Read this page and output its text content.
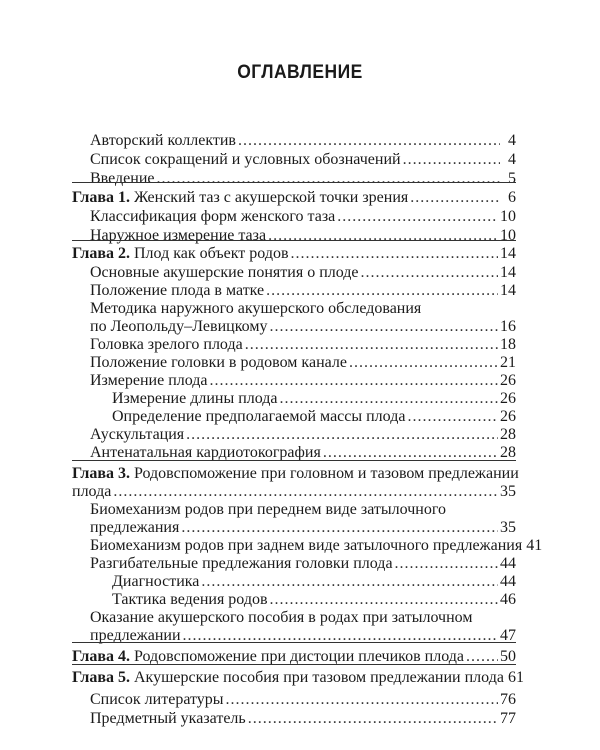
ОГЛАВЛЕНИЕ
Авторский коллектив .....	4
Список сокращений и условных обозначений .....	4
Введение .....	5
Глава 1. Женский таз с акушерской точки зрения .....	6
Классификация форм женского таза .....	10
Наружное измерение таза .....	10
Глава 2. Плод как объект родов .....	14
Основные акушерские понятия о плоде .....	14
Положение плода в матке .....	14
Методика наружного акушерского обследования
по Леопольду–Левицкому .....	16
Головка зрелого плода .....	18
Положение головки в родовом канале .....	21
Измерение плода .....	26
Измерение длины плода .....	26
Определение предполагаемой массы плода .....	26
Аускультация .....	28
Антенатальная кардиотокография .....	28
Глава 3. Родовспоможение при головном и тазовом предлежании
плода .....	35
Биомеханизм родов при переднем виде затылочного
предлежания .....	35
Биомеханизм родов при заднем виде затылочного предлежания 41
Разгибательные предлежания головки плода .....	44
Диагностика .....	44
Тактика ведения родов .....	46
Оказание акушерского пособия в родах при затылочном
предлежании .....	47
Глава 4. Родовспоможение при дистоции плечиков плода ..... 50
Глава 5. Акушерские пособия при тазовом предлежании плода 61
Список литературы .....	76
Предметный указатель .....	77
